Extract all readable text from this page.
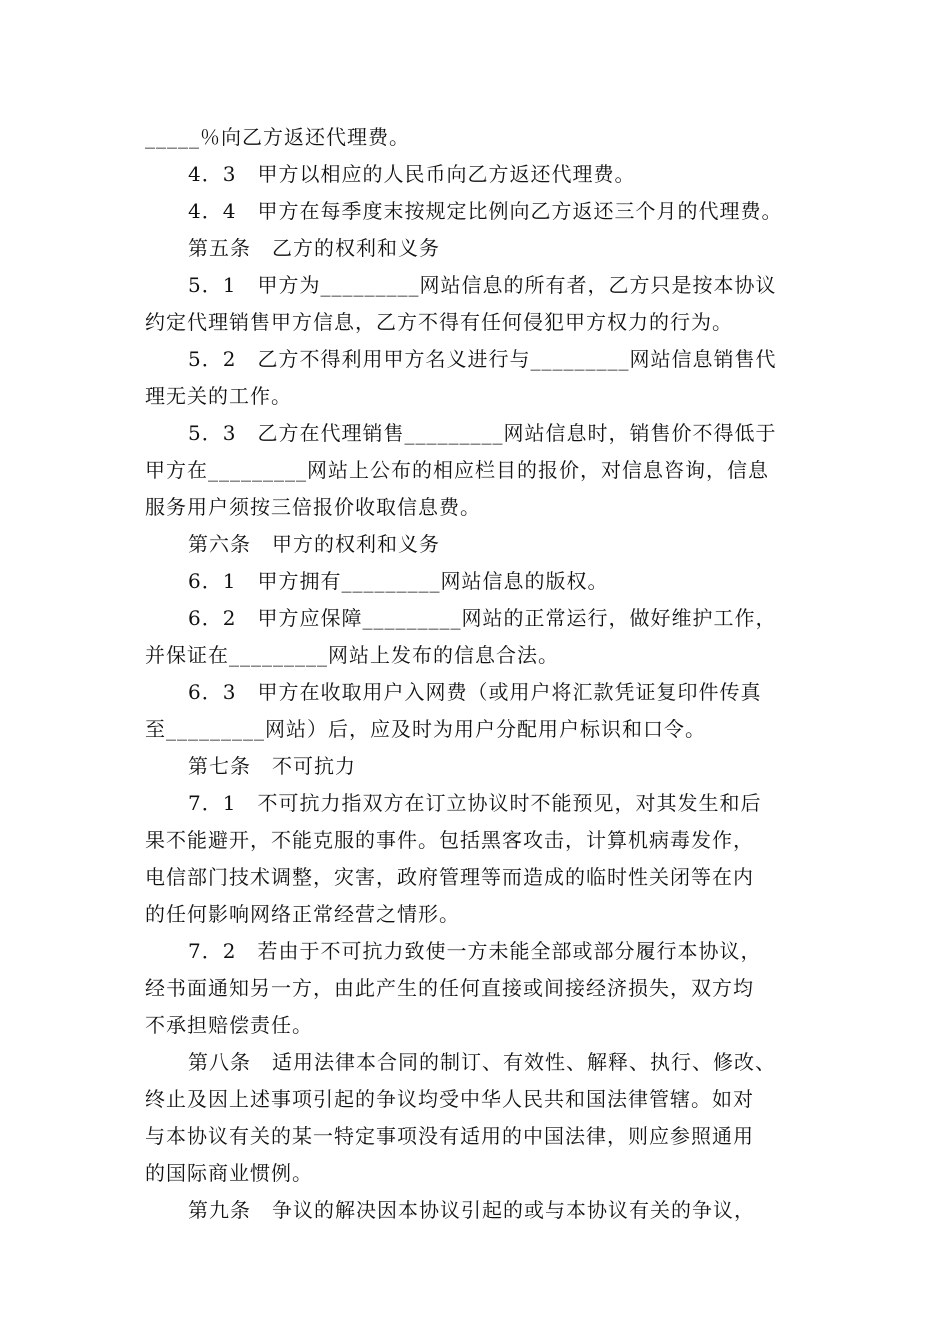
_____％向乙方返还代理费。
4．3　甲方以相应的人民币向乙方返还代理费。
4．4　甲方在每季度末按规定比例向乙方返还三个月的代理费。
第五条　乙方的权利和义务
5．1　甲方为_________网站信息的所有者，乙方只是按本协议
约定代理销售甲方信息，乙方不得有任何侵犯甲方权力的行为。
5．2　乙方不得利用甲方名义进行与_________网站信息销售代
理无关的工作。
5．3　乙方在代理销售_________网站信息时，销售价不得低于
甲方在_________网站上公布的相应栏目的报价，对信息咨询，信息
服务用户须按三倍报价收取信息费。
第六条　甲方的权利和义务
6．1　甲方拥有_________网站信息的版权。
6．2　甲方应保障_________网站的正常运行，做好维护工作，
并保证在_________网站上发布的信息合法。
6．3　甲方在收取用户入网费（或用户将汇款凭证复印件传真
至_________网站）后，应及时为用户分配用户标识和口令。
第七条　不可抗力
7．1　不可抗力指双方在订立协议时不能预见，对其发生和后
果不能避开，不能克服的事件。包括黑客攻击，计算机病毒发作，
电信部门技术调整，灾害，政府管理等而造成的临时性关闭等在内
的任何影响网络正常经营之情形。
7．2　若由于不可抗力致使一方未能全部或部分履行本协议，
经书面通知另一方，由此产生的任何直接或间接经济损失，双方均
不承担赔偿责任。
第八条　适用法律本合同的制订、有效性、解释、执行、修改、
终止及因上述事项引起的争议均受中华人民共和国法律管辖。如对
与本协议有关的某一特定事项没有适用的中国法律，则应参照通用
的国际商业惯例。
第九条　争议的解决因本协议引起的或与本协议有关的争议，
